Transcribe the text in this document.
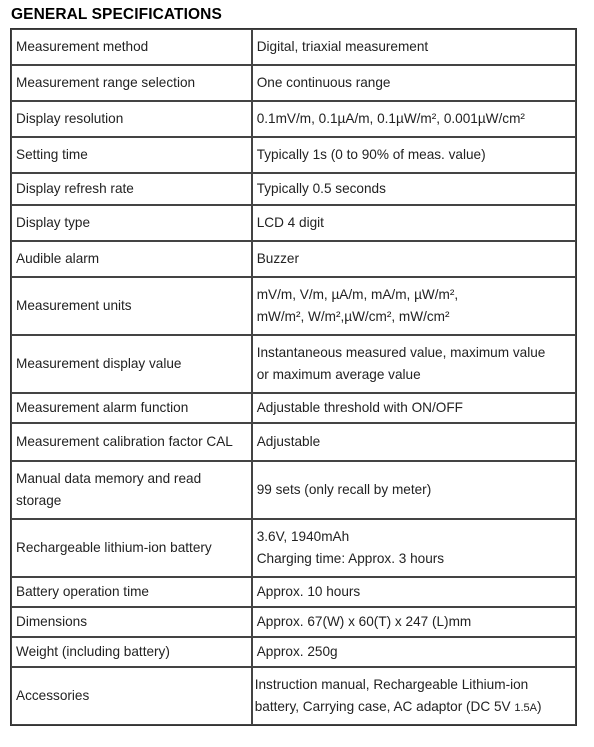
GENERAL SPECIFICATIONS
Measurement method	Digital, triaxial measurement
Measurement range selection	One continuous range
Display resolution	0.1mV/m, 0.1µA/m, 0.1µW/m², 0.001µW/cm²
Setting time	Typically 1s (0 to 90% of meas. value)
Display refresh rate	Typically 0.5 seconds
Display type	LCD 4 digit
Audible alarm	Buzzer
Measurement units	mV/m, V/m, µA/m, mA/m, µW/m²,
mW/m², W/m²,µW/cm², mW/cm²
Measurement display value	Instantaneous measured value, maximum value
or maximum average value
Measurement alarm function	Adjustable threshold with ON/OFF
Measurement calibration factor CAL	Adjustable
Manual data memory and read
storage	99 sets (only recall by meter)
Rechargeable lithium-ion battery	3.6V, 1940mAh
Charging time: Approx. 3 hours
Battery operation time	Approx. 10 hours
Dimensions	Approx. 67(W) x 60(T) x 247 (L)mm
Weight (including battery)	Approx. 250g
Accessories	Instruction manual, Rechargeable Lithium-ion
battery, Carrying case, AC adaptor (DC 5V 1.5A)
